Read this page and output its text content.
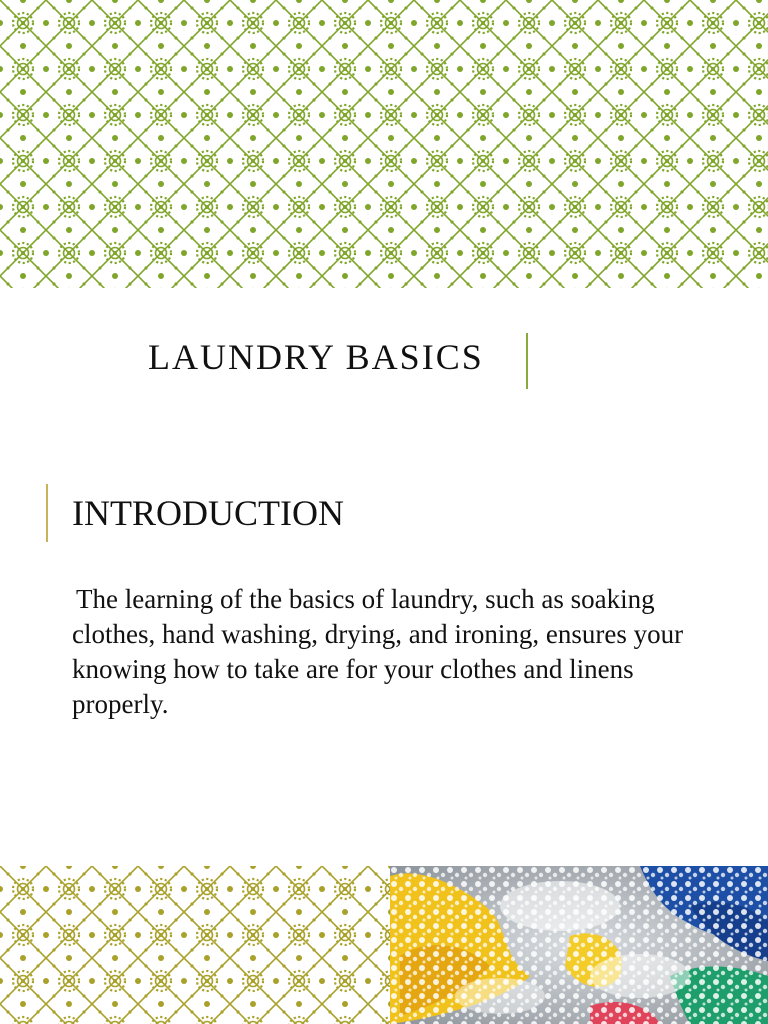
LAUNDRY BASICS
INTRODUCTION

The learning of the basics of laundry, such as soaking clothes, hand washing, drying, and ironing, ensures your knowing how to take are for your clothes and linens properly.
